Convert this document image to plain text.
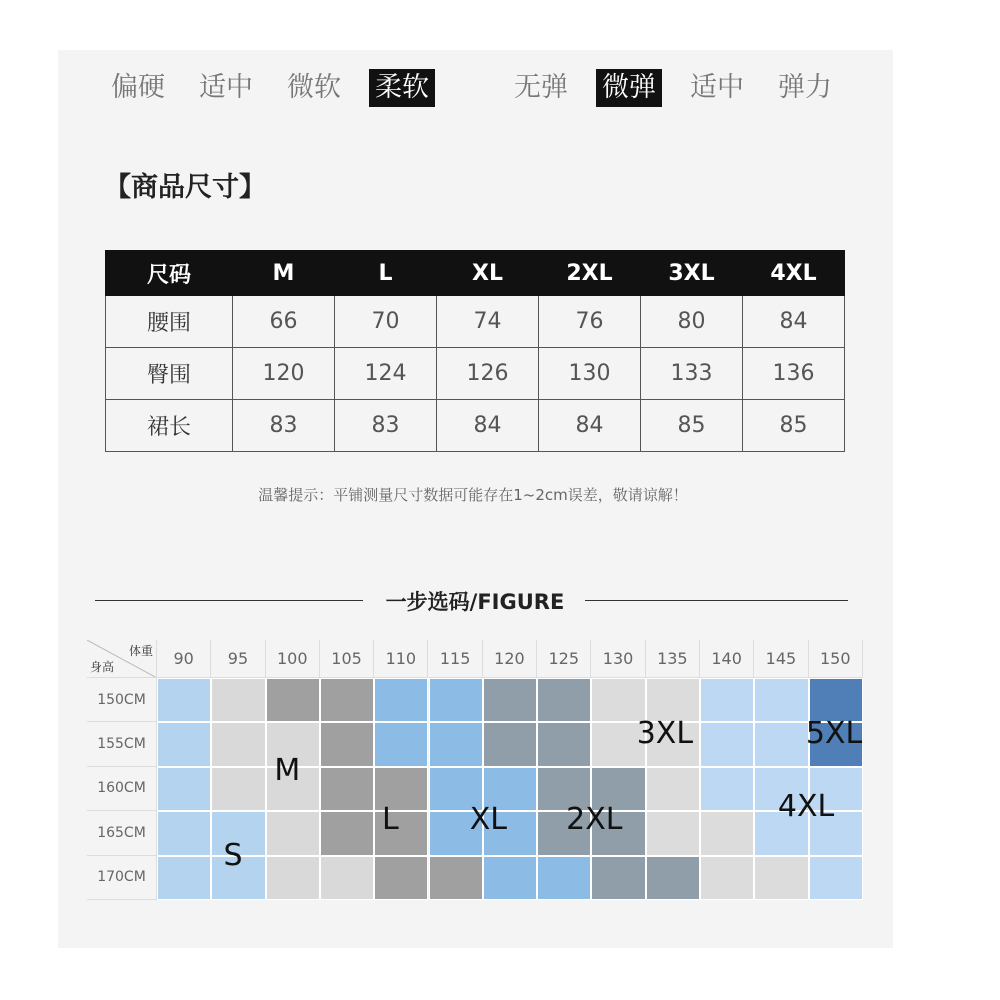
偏硬 适中 微软 柔软	无弹 微弹 适中 弹力
【商品尺寸】
尺码	M	L	XL	2XL	3XL	4XL
腰围	66	70	74	76	80	84
臀围	120	124	126	130	133	136
裙长	83	83	84	84	85	85
温馨提示：平铺测量尺寸数据可能存在1~2cm误差，敬请谅解！
一步选码/FIGURE
体重
身高	90	95	100	105	110	115	120	125	130	135	140	145	150
150CM
155CM
160CM
165CM
170CM
S
M
L XL 2XL
3XL
4XL
5XL
